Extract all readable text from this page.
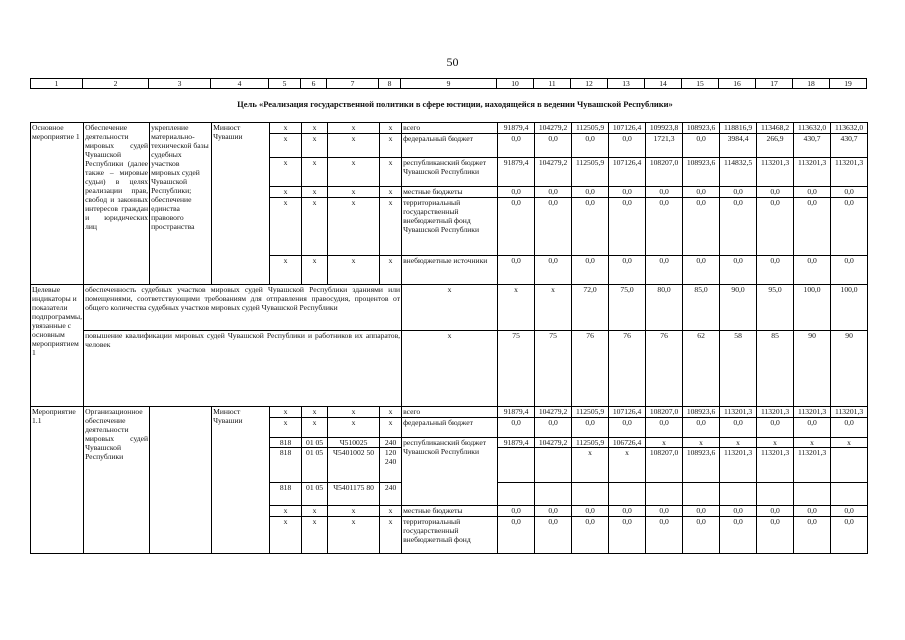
50
1	2	3	4	5	6	7	8	9	10	11	12	13	14	15	16	17	18	19
Цель «Реализация государственной политики в сфере юстиции, находящейся в ведении Чувашской Республики»
Основное мероприятие 1	Обеспечение деятельности мировых судей Чувашской Республики (далее также – мировые судьи) в целях реализации прав, свобод и законных интересов граждан и юридических лиц	укрепление материально-технической базы судебных участков мировых судей Чувашской Республики; обеспечение единства правового пространства	Минюст Чувашии	x	x	x	x	всего	91879,4	104279,2	112505,9	107126,4	109923,8	108923,6	118816,9	113468,2	113632,0	113632,0
				x	x	x	x	федеральный бюджет	0,0	0,0	0,0	0,0	1721,3	0,0	3984,4	266,9	430,7	430,7
				x	x	x	x	республиканский бюджет Чувашской Республики	91879,4	104279,2	112505,9	107126,4	108207,0	108923,6	114832,5	113201,3	113201,3	113201,3
				x	x	x	x	местные бюджеты	0,0	0,0	0,0	0,0	0,0	0,0	0,0	0,0	0,0	0,0
				x	x	x	x	территориальный государственный внебюджетный фонд Чувашской Республики	0,0	0,0	0,0	0,0	0,0	0,0	0,0	0,0	0,0	0,0
				x	x	x	x	внебюджетные источники	0,0	0,0	0,0	0,0	0,0	0,0	0,0	0,0	0,0	0,0
Целевые индикаторы и показатели подпрограммы, увязанные с основным мероприятием 1	обеспеченность судебных участков мировых судей Чувашской Республики зданиями или помещениями, соответствующими требованиям для отправления правосудия, процентов от общего количества судебных участков мировых судей Чувашской Республики							x	x	x	72,0	75,0	80,0	85,0	90,0	95,0	100,0	100,0
	повышение квалификации мировых судей Чувашской Республики и работников их аппаратов, человек							x	75	75	76	76	76	62	58	85	90	90
Мероприятие 1.1	Организационное обеспечение деятельности мировых судей Чувашской Республики		Минюст Чувашии	x	x	x	x	всего	91879,4	104279,2	112505,9	107126,4	108207,0	108923,6	113201,3	113201,3	113201,3	113201,3
				x	x	x	x	федеральный бюджет	0,0	0,0	0,0	0,0	0,0	0,0	0,0	0,0	0,0	0,0
				818	01 05	Ч510025	240	республиканский бюджет Чувашской Республики	91879,4	104279,2	112505,9	106726,4	x	x	x	x	x	x
				818	01 05	Ч5401002 50	120 240				x	x	108207,0	108923,6	113201,3	113201,3	113201,3	
				818	01 05	Ч5401175 80	240											
				x	x	x	x	местные бюджеты	0,0	0,0	0,0	0,0	0,0	0,0	0,0	0,0	0,0	0,0
				x	x	x	x	территориальный государственный внебюджетный фонд	0,0	0,0	0,0	0,0	0,0	0,0	0,0	0,0	0,0	0,0
